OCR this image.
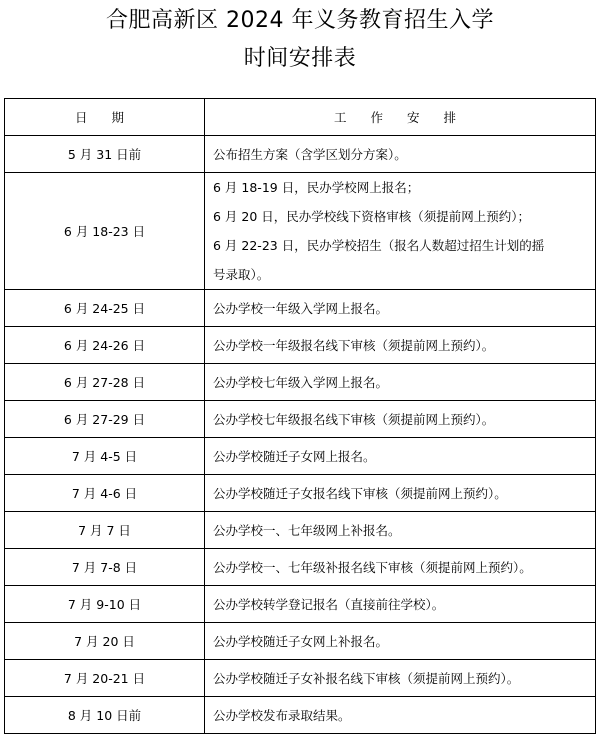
合肥高新区 2024 年义务教育招生入学
时间安排表
日 期	工 作 安 排
5 月 31 日前	公布招生方案（含学区划分方案）。

6 月 18-23 日	6 月 18-19 日，民办学校网上报名；
6 月 20 日，民办学校线下资格审核（须提前网上预约）；
6 月 22-23 日，民办学校招生（报名人数超过招生计划的摇
号录取）。

6 月 24-25 日	公办学校一年级入学网上报名。

6 月 24-26 日	公办学校一年级报名线下审核（须提前网上预约）。

6 月 27-28 日	公办学校七年级入学网上报名。

6 月 27-29 日	公办学校七年级报名线下审核（须提前网上预约）。

7 月 4-5 日	公办学校随迁子女网上报名。

7 月 4-6 日	公办学校随迁子女报名线下审核（须提前网上预约）。

7 月 7 日	公办学校一、七年级网上补报名。

7 月 7-8 日	公办学校一、七年级补报名线下审核（须提前网上预约）。

7 月 9-10 日	公办学校转学登记报名（直接前往学校）。

7 月 20 日	公办学校随迁子女网上补报名。

7 月 20-21 日	公办学校随迁子女补报名线下审核（须提前网上预约）。

8 月 10 日前	公办学校发布录取结果。
